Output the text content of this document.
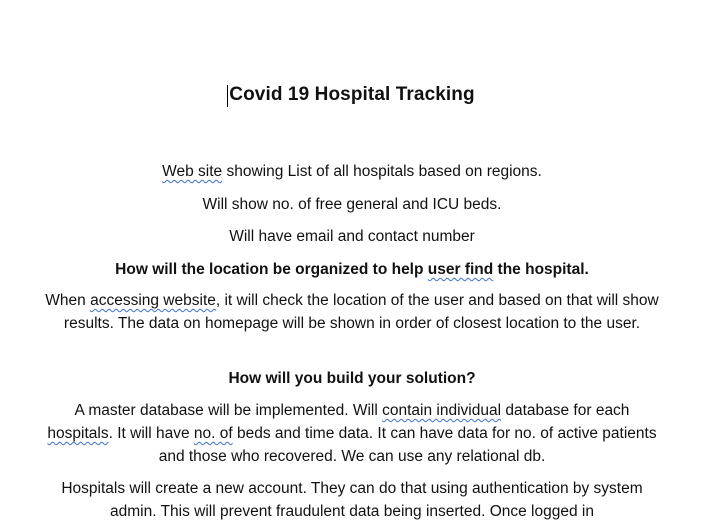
Covid 19 Hospital Tracking

Web site showing List of all hospitals based on regions.

Will show no. of free general and ICU beds.

Will have email and contact number

How will the location be organized to help user find the hospital.

When accessing website, it will check the location of the user and based on that will show results. The data on homepage will be shown in order of closest location to the user.

How will you build your solution?

A master database will be implemented. Will contain individual database for each hospitals. It will have no. of beds and time data. It can have data for no. of active patients and those who recovered. We can use any relational db.

Hospitals will create a new account. They can do that using authentication by system admin. This will prevent fraudulent data being inserted. Once logged in
